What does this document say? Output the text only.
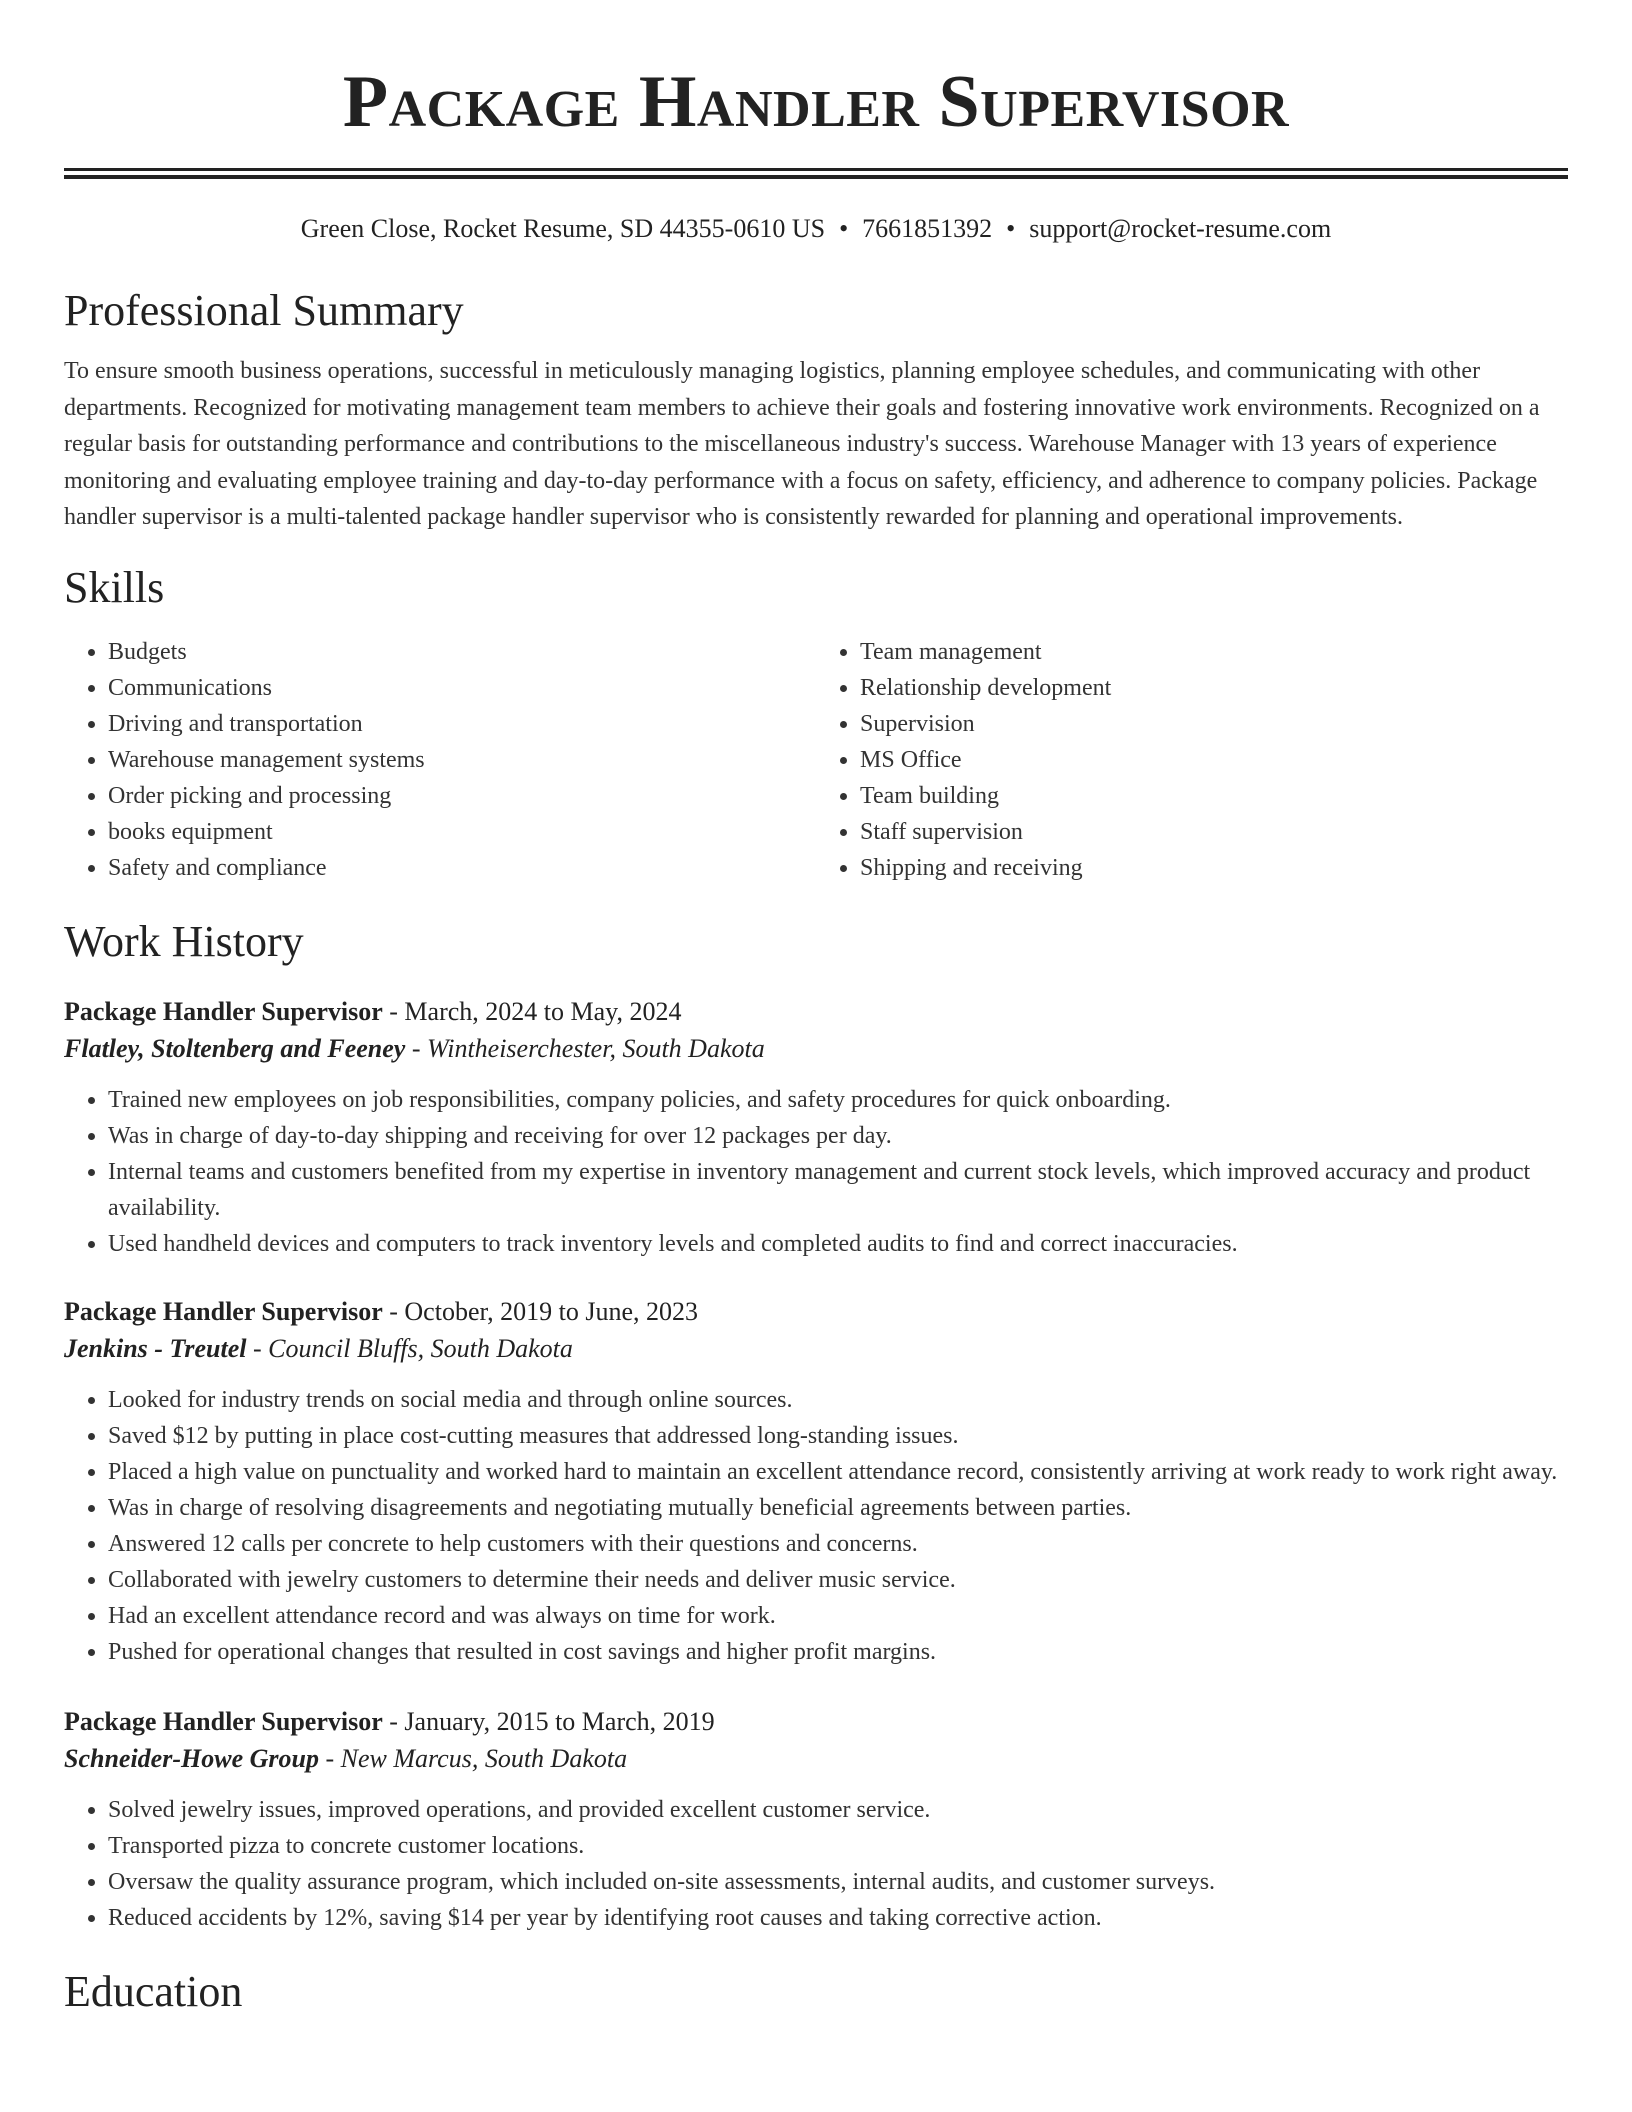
Package Handler Supervisor
Green Close, Rocket Resume, SD 44355-0610 US • 7661851392 • support@rocket-resume.com
Professional Summary
To ensure smooth business operations, successful in meticulously managing logistics, planning employee schedules, and communicating with other departments. Recognized for motivating management team members to achieve their goals and fostering innovative work environments. Recognized on a regular basis for outstanding performance and contributions to the miscellaneous industry's success. Warehouse Manager with 13 years of experience monitoring and evaluating employee training and day-to-day performance with a focus on safety, efficiency, and adherence to company policies. Package handler supervisor is a multi-talented package handler supervisor who is consistently rewarded for planning and operational improvements.
Skills
• Budgets
• Communications
• Driving and transportation
• Warehouse management systems
• Order picking and processing
• books equipment
• Safety and compliance
• Team management
• Relationship development
• Supervision
• MS Office
• Team building
• Staff supervision
• Shipping and receiving
Work History
Package Handler Supervisor - March, 2024 to May, 2024
Flatley, Stoltenberg and Feeney - Wintheiserchester, South Dakota
• Trained new employees on job responsibilities, company policies, and safety procedures for quick onboarding.
• Was in charge of day-to-day shipping and receiving for over 12 packages per day.
• Internal teams and customers benefited from my expertise in inventory management and current stock levels, which improved accuracy and product availability.
• Used handheld devices and computers to track inventory levels and completed audits to find and correct inaccuracies.
Package Handler Supervisor - October, 2019 to June, 2023
Jenkins - Treutel - Council Bluffs, South Dakota
• Looked for industry trends on social media and through online sources.
• Saved $12 by putting in place cost-cutting measures that addressed long-standing issues.
• Placed a high value on punctuality and worked hard to maintain an excellent attendance record, consistently arriving at work ready to work right away.
• Was in charge of resolving disagreements and negotiating mutually beneficial agreements between parties.
• Answered 12 calls per concrete to help customers with their questions and concerns.
• Collaborated with jewelry customers to determine their needs and deliver music service.
• Had an excellent attendance record and was always on time for work.
• Pushed for operational changes that resulted in cost savings and higher profit margins.
Package Handler Supervisor - January, 2015 to March, 2019
Schneider-Howe Group - New Marcus, South Dakota
• Solved jewelry issues, improved operations, and provided excellent customer service.
• Transported pizza to concrete customer locations.
• Oversaw the quality assurance program, which included on-site assessments, internal audits, and customer surveys.
• Reduced accidents by 12%, saving $14 per year by identifying root causes and taking corrective action.
Education
